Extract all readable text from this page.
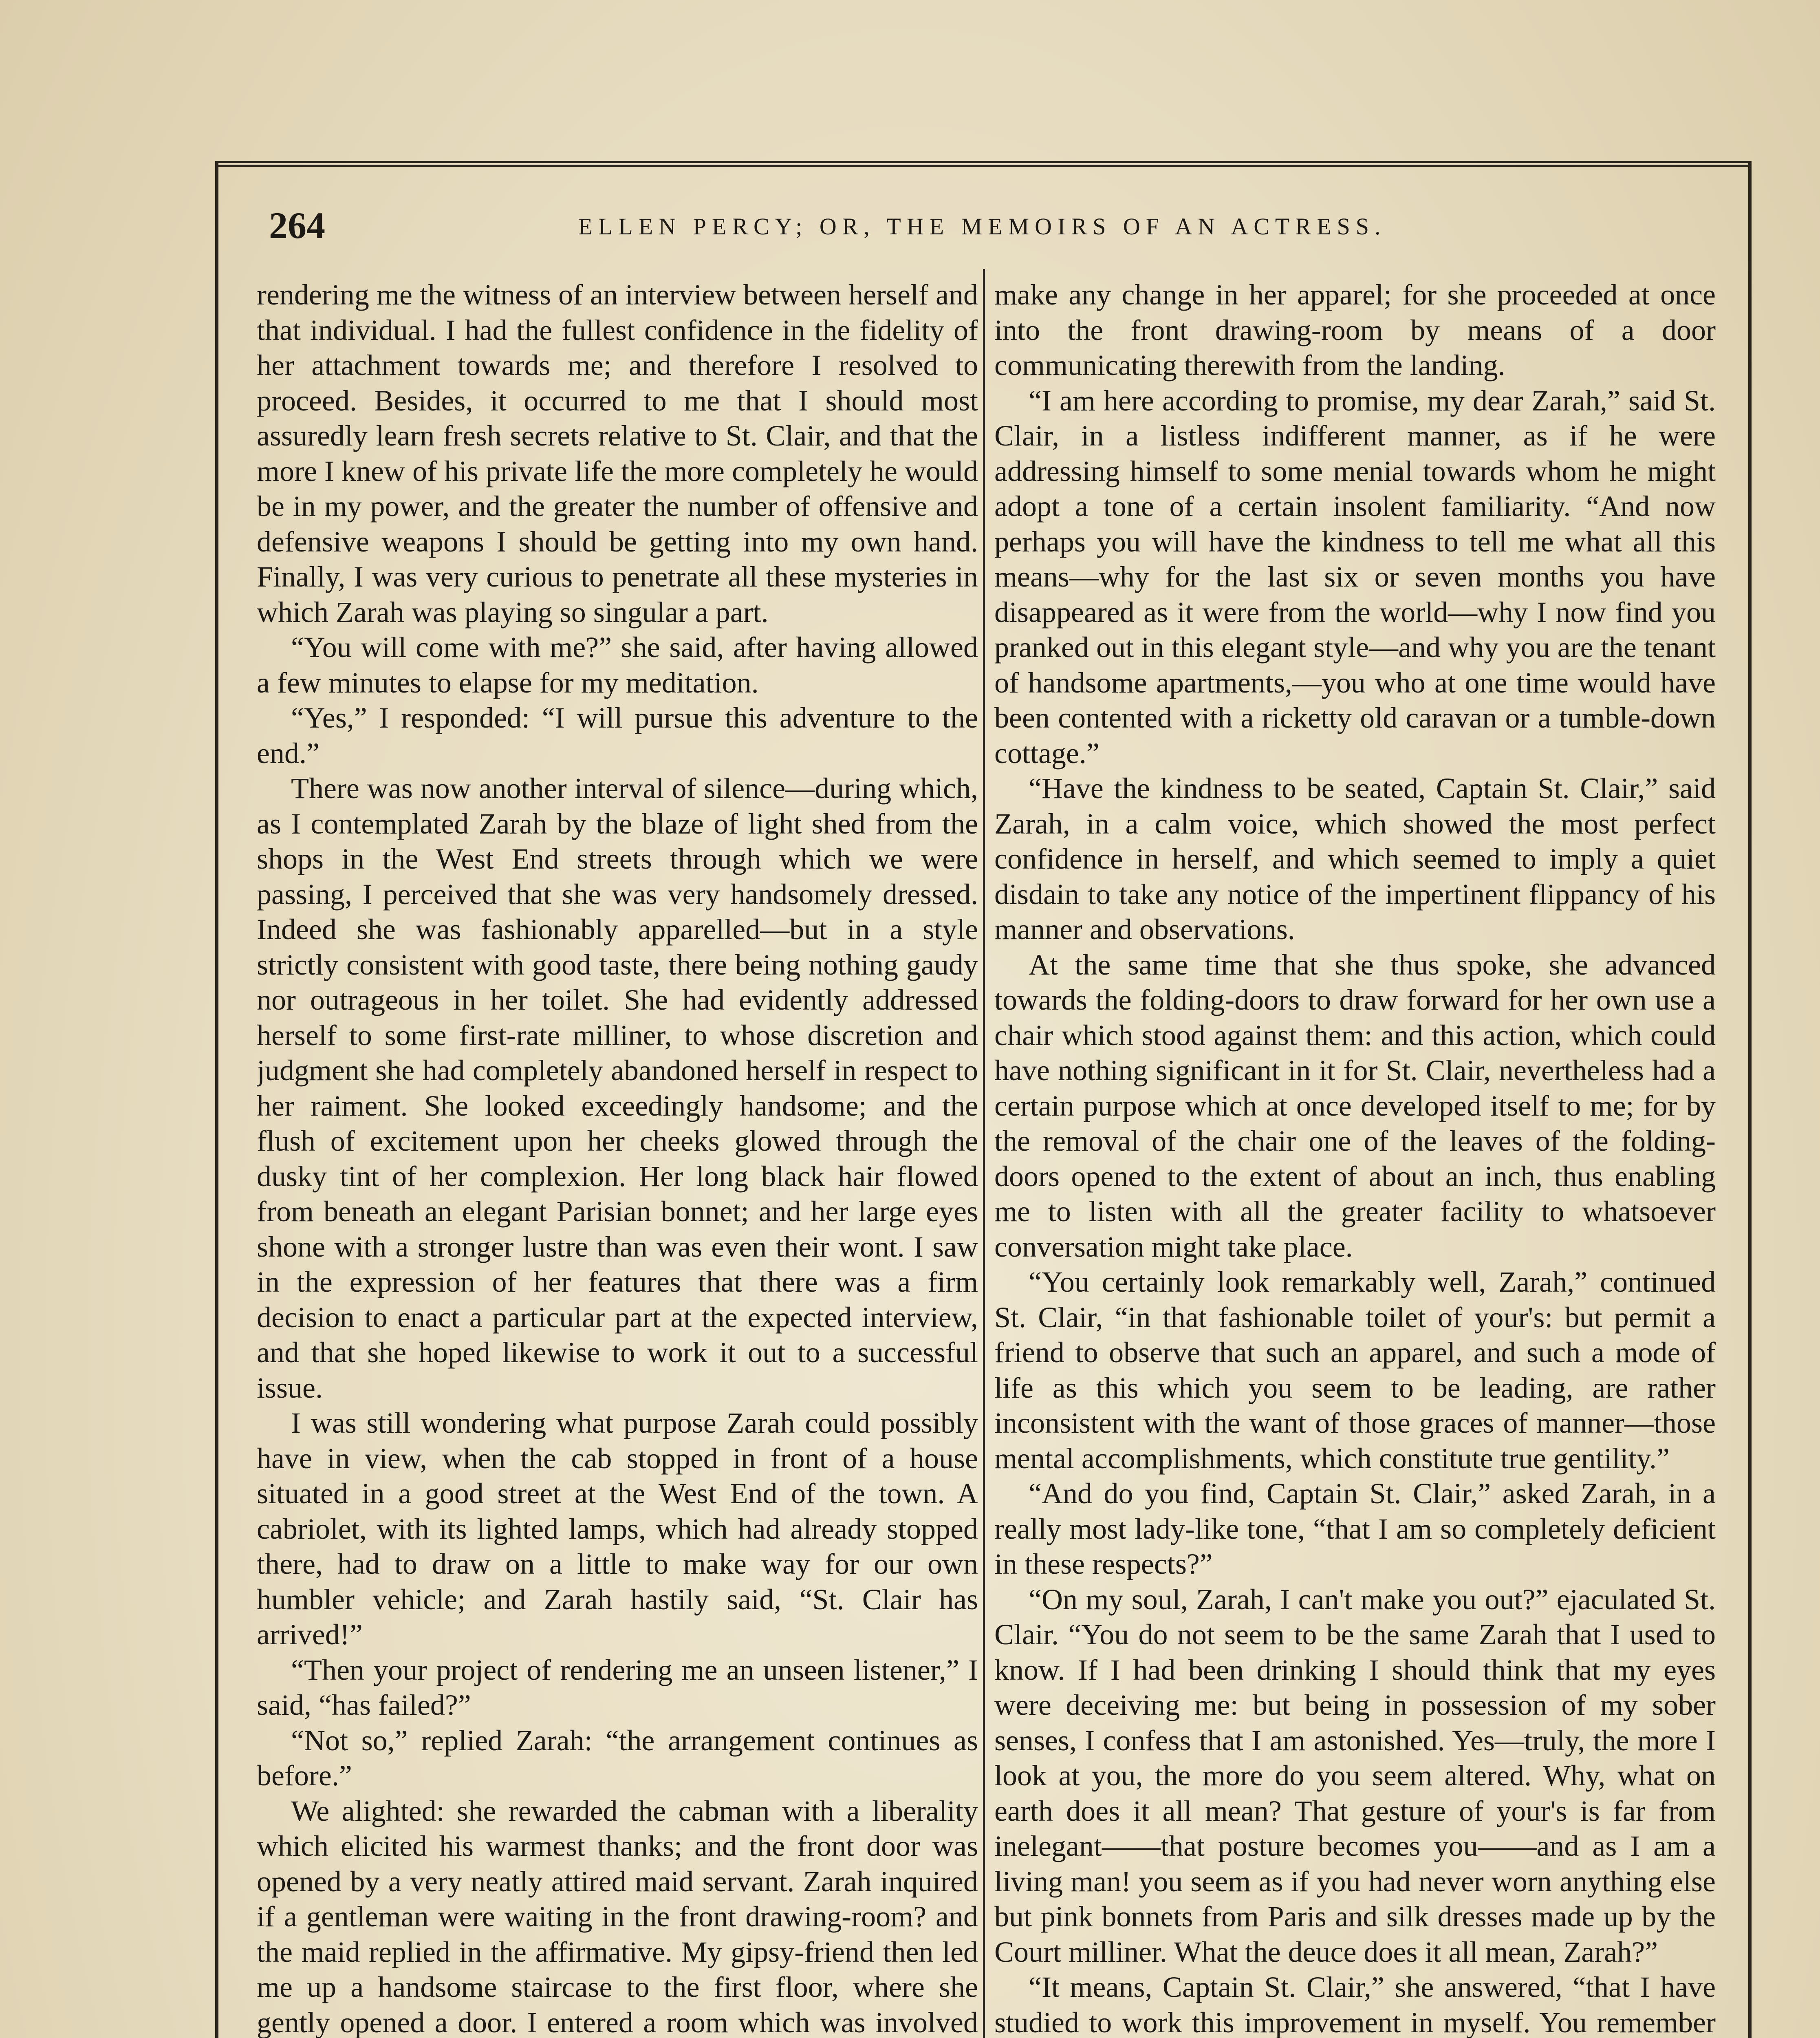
264	ELLEN PERCY; OR, THE MEMOIRS OF AN ACTRESS.

rendering me the witness of an interview between herself and that individual. I had the fullest confidence in the fidelity of her attachment towards me; and therefore I resolved to proceed. Besides, it occurred to me that I should most assuredly learn fresh secrets relative to St. Clair, and that the more I knew of his private life the more completely he would be in my power, and the greater the number of offensive and defensive weapons I should be getting into my own hand. Finally, I was very curious to penetrate all these mysteries in which Zarah was playing so singular a part.

“You will come with me?” she said, after having allowed a few minutes to elapse for my meditation.

“Yes,” I responded: “I will pursue this adventure to the end.”

There was now another interval of silence—during which, as I contemplated Zarah by the blaze of light shed from the shops in the West End streets through which we were passing, I perceived that she was very handsomely dressed. Indeed she was fashionably apparelled—but in a style strictly consistent with good taste, there being nothing gaudy nor outrageous in her toilet. She had evidently addressed herself to some first-rate milliner, to whose discretion and judgment she had completely abandoned herself in respect to her raiment. She looked exceedingly handsome; and the flush of excitement upon her cheeks glowed through the dusky tint of her complexion. Her long black hair flowed from beneath an elegant Parisian bonnet; and her large eyes shone with a stronger lustre than was even their wont. I saw in the expression of her features that there was a firm decision to enact a particular part at the expected interview, and that she hoped likewise to work it out to a successful issue.

I was still wondering what purpose Zarah could possibly have in view, when the cab stopped in front of a house situated in a good street at the West End of the town. A cabriolet, with its lighted lamps, which had already stopped there, had to draw on a little to make way for our own humbler vehicle; and Zarah hastily said, “St. Clair has arrived!”

“Then your project of rendering me an unseen listener,” I said, “has failed?”

“Not so,” replied Zarah: “the arrangement continues as before.”

We alighted: she rewarded the cabman with a liberality which elicited his warmest thanks; and the front door was opened by a very neatly attired maid servant. Zarah inquired if a gentleman were waiting in the front drawing-room? and the maid replied in the affirmative. My gipsy-friend then led me up a handsome staircase to the first floor, where she gently opened a door. I entered a room which was involved

make any change in her apparel; for she proceeded at once into the front drawing-room by means of a door communicating therewith from the landing.

“I am here according to promise, my dear Zarah,” said St. Clair, in a listless indifferent manner, as if he were addressing himself to some menial towards whom he might adopt a tone of a certain insolent familiarity. “And now perhaps you will have the kindness to tell me what all this means—why for the last six or seven months you have disappeared as it were from the world—why I now find you pranked out in this elegant style—and why you are the tenant of handsome apartments,—you who at one time would have been contented with a ricketty old caravan or a tumble-down cottage.”

“Have the kindness to be seated, Captain St. Clair,” said Zarah, in a calm voice, which showed the most perfect confidence in herself, and which seemed to imply a quiet disdain to take any notice of the impertinent flippancy of his manner and observations.

At the same time that she thus spoke, she advanced towards the folding-doors to draw forward for her own use a chair which stood against them: and this action, which could have nothing significant in it for St. Clair, nevertheless had a certain purpose which at once developed itself to me; for by the removal of the chair one of the leaves of the folding-doors opened to the extent of about an inch, thus enabling me to listen with all the greater facility to whatsoever conversation might take place.

“You certainly look remarkably well, Zarah,” continued St. Clair, “in that fashionable toilet of your's: but permit a friend to observe that such an apparel, and such a mode of life as this which you seem to be leading, are rather inconsistent with the want of those graces of manner—those mental accomplishments, which constitute true gentility.”

“And do you find, Captain St. Clair,” asked Zarah, in a really most lady-like tone, “that I am so completely deficient in these respects?”

“On my soul, Zarah, I can't make you out?” ejaculated St. Clair. “You do not seem to be the same Zarah that I used to know. If I had been drinking I should think that my eyes were deceiving me: but being in possession of my sober senses, I confess that I am astonished. Yes—truly, the more I look at you, the more do you seem altered. Why, what on earth does it all mean? That gesture of your's is far from inelegant——that posture becomes you——and as I am a living man! you seem as if you had never worn anything else but pink bonnets from Paris and silk dresses made up by the Court milliner. What the deuce does it all mean, Zarah?”

“It means, Captain St. Clair,” she answered, “that I have studied to work this improvement in myself. You remember
